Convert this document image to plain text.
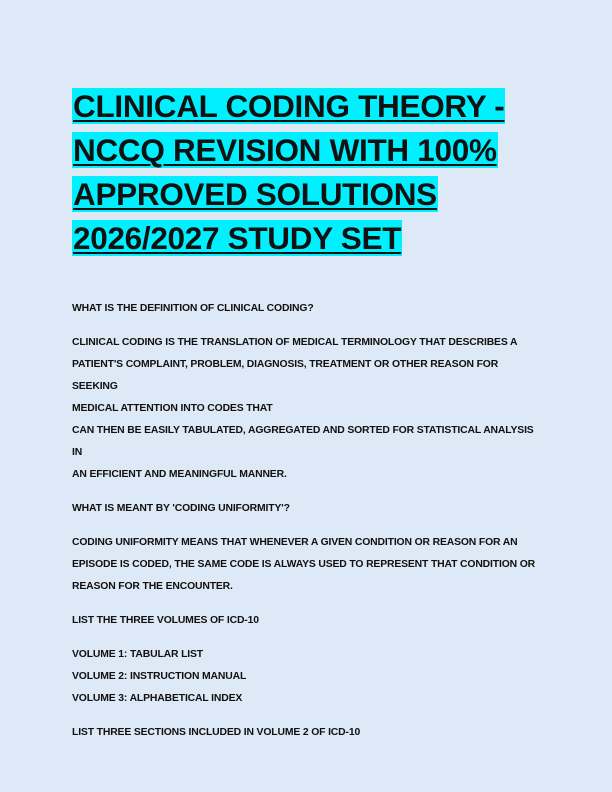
CLINICAL CODING THEORY - NCCQ REVISION WITH 100% APPROVED SOLUTIONS 2026/2027 STUDY SET
WHAT IS THE DEFINITION OF CLINICAL CODING?
CLINICAL CODING IS THE TRANSLATION OF MEDICAL TERMINOLOGY THAT DESCRIBES A
PATIENT'S COMPLAINT, PROBLEM, DIAGNOSIS, TREATMENT OR OTHER REASON FOR SEEKING
MEDICAL ATTENTION INTO CODES THAT
CAN THEN BE EASILY TABULATED, AGGREGATED AND SORTED FOR STATISTICAL ANALYSIS IN
AN EFFICIENT AND MEANINGFUL MANNER.
WHAT IS MEANT BY 'CODING UNIFORMITY'?
CODING UNIFORMITY MEANS THAT WHENEVER A GIVEN CONDITION OR REASON FOR AN
EPISODE IS CODED, THE SAME CODE IS ALWAYS USED TO REPRESENT THAT CONDITION OR
REASON FOR THE ENCOUNTER.
LIST THE THREE VOLUMES OF ICD-10
VOLUME 1: TABULAR LIST
VOLUME 2: INSTRUCTION MANUAL
VOLUME 3: ALPHABETICAL INDEX
LIST THREE SECTIONS INCLUDED IN VOLUME 2 OF ICD-10
